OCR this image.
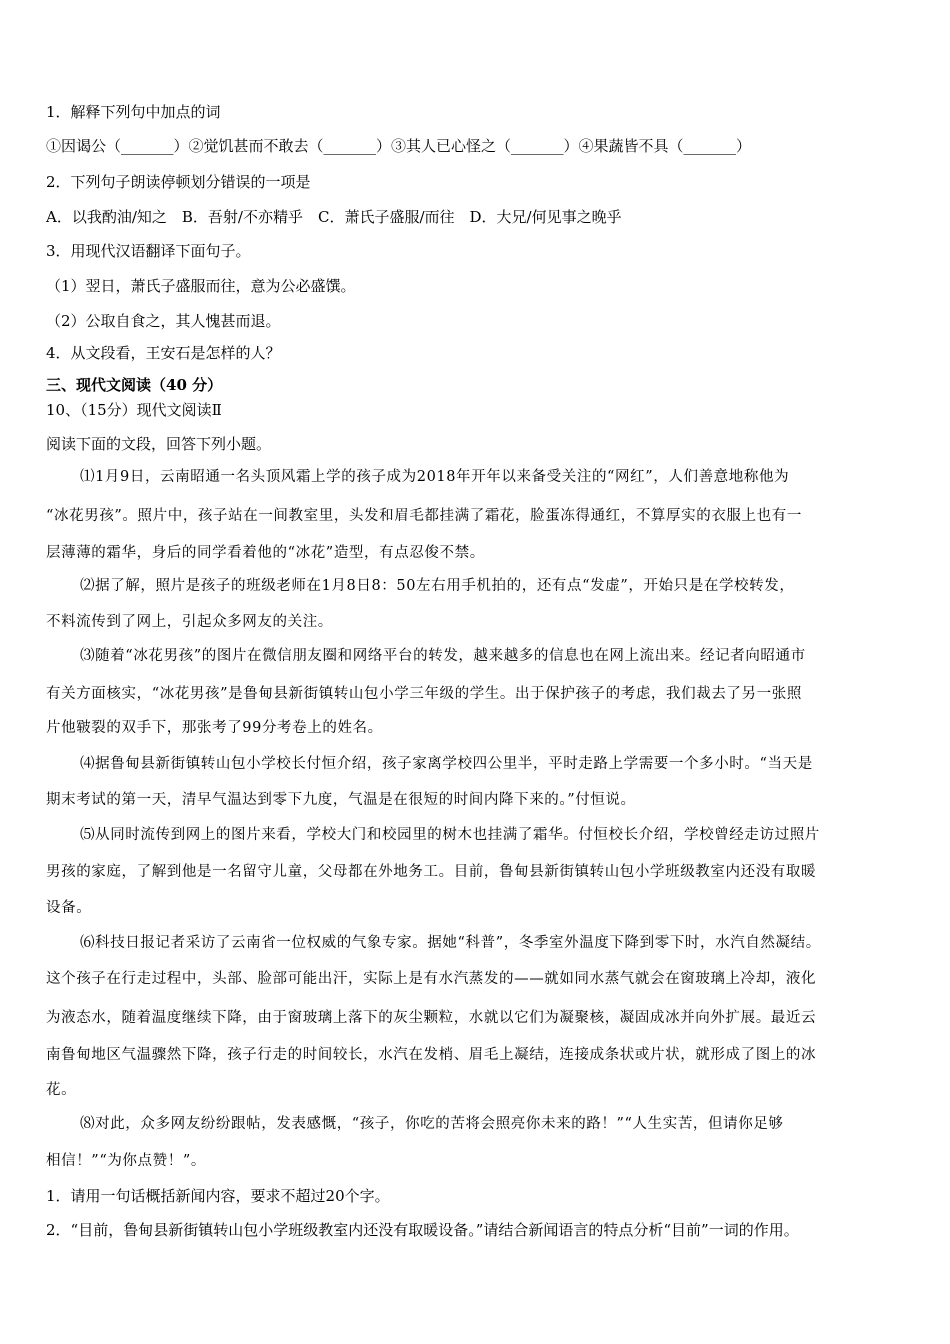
1．解释下列句中加点的词
①因谒公（_______）②觉饥甚而不敢去（_______）③其人已心怪之（_______）④果蔬皆不具（_______）
2．下列句子朗读停顿划分错误的一项是
A．以我酌油/知之　B．吾射/不亦精乎　C．萧氏子盛服/而往　D．大兄/何见事之晚乎
3．用现代汉语翻译下面句子。
（1）翌日，萧氏子盛服而往，意为公必盛馔。
（2）公取自食之，其人愧甚而退。
4．从文段看，王安石是怎样的人？
三、现代文阅读（40 分）
10、（15分）现代文阅读Ⅱ
阅读下面的文段，回答下列小题。
⑴1月9日，云南昭通一名头顶风霜上学的孩子成为2018年开年以来备受关注的“网红”，人们善意地称他为
“冰花男孩”。照片中，孩子站在一间教室里，头发和眉毛都挂满了霜花，脸蛋冻得通红，不算厚实的衣服上也有一
层薄薄的霜华，身后的同学看着他的“冰花”造型，有点忍俊不禁。
⑵据了解，照片是孩子的班级老师在1月8日8：50左右用手机拍的，还有点“发虚”，开始只是在学校转发，
不料流传到了网上，引起众多网友的关注。
⑶随着“冰花男孩”的图片在微信朋友圈和网络平台的转发，越来越多的信息也在网上流出来。经记者向昭通市
有关方面核实，“冰花男孩”是鲁甸县新街镇转山包小学三年级的学生。出于保护孩子的考虑，我们裁去了另一张照
片他皲裂的双手下，那张考了99分考卷上的姓名。
⑷据鲁甸县新街镇转山包小学校长付恒介绍，孩子家离学校四公里半，平时走路上学需要一个多小时。“当天是
期末考试的第一天，清早气温达到零下九度，气温是在很短的时间内降下来的。”付恒说。
⑸从同时流传到网上的图片来看，学校大门和校园里的树木也挂满了霜华。付恒校长介绍，学校曾经走访过照片
男孩的家庭，了解到他是一名留守儿童，父母都在外地务工。目前，鲁甸县新街镇转山包小学班级教室内还没有取暖
设备。
⑹科技日报记者采访了云南省一位权威的气象专家。据她“科普”，冬季室外温度下降到零下时，水汽自然凝结。
这个孩子在行走过程中，头部、脸部可能出汗，实际上是有水汽蒸发的——就如同水蒸气就会在窗玻璃上冷却，液化
为液态水，随着温度继续下降，由于窗玻璃上落下的灰尘颗粒，水就以它们为凝聚核，凝固成冰并向外扩展。最近云
南鲁甸地区气温骤然下降，孩子行走的时间较长，水汽在发梢、眉毛上凝结，连接成条状或片状，就形成了图上的冰
花。
⑻对此，众多网友纷纷跟帖，发表感慨，“孩子，你吃的苦将会照亮你未来的路！”“人生实苦，但请你足够
相信！”“为你点赞！”。
1．请用一句话概括新闻内容，要求不超过20个字。
2．“目前，鲁甸县新街镇转山包小学班级教室内还没有取暖设备。”请结合新闻语言的特点分析“目前”一词的作用。
